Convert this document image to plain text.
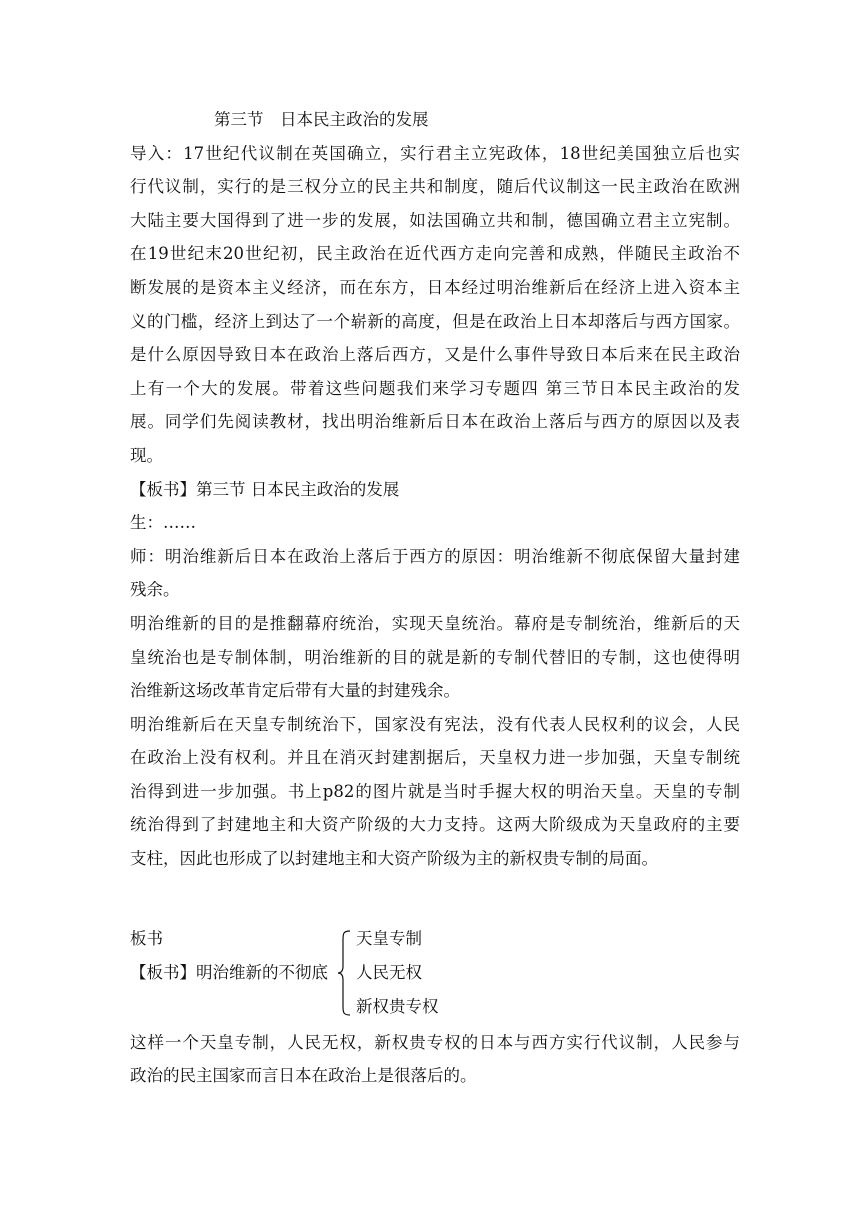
第三节　日本民主政治的发展
导入：17世纪代议制在英国确立，实行君主立宪政体，18世纪美国独立后也实
行代议制，实行的是三权分立的民主共和制度，随后代议制这一民主政治在欧洲
大陆主要大国得到了进一步的发展，如法国确立共和制，德国确立君主立宪制。
在19世纪末20世纪初，民主政治在近代西方走向完善和成熟，伴随民主政治不
断发展的是资本主义经济，而在东方，日本经过明治维新后在经济上进入资本主
义的门槛，经济上到达了一个崭新的高度，但是在政治上日本却落后与西方国家。
是什么原因导致日本在政治上落后西方，又是什么事件导致日本后来在民主政治
上有一个大的发展。带着这些问题我们来学习专题四 第三节日本民主政治的发
展。同学们先阅读教材，找出明治维新后日本在政治上落后与西方的原因以及表
现。
【板书】第三节 日本民主政治的发展
生：……
师：明治维新后日本在政治上落后于西方的原因：明治维新不彻底保留大量封建
残余。
明治维新的目的是推翻幕府统治，实现天皇统治。幕府是专制统治，维新后的天
皇统治也是专制体制，明治维新的目的就是新的专制代替旧的专制，这也使得明
治维新这场改革肯定后带有大量的封建残余。
明治维新后在天皇专制统治下，国家没有宪法，没有代表人民权利的议会，人民
在政治上没有权利。并且在消灭封建割据后，天皇权力进一步加强，天皇专制统
治得到进一步加强。书上p82的图片就是当时手握大权的明治天皇。天皇的专制
统治得到了封建地主和大资产阶级的大力支持。这两大阶级成为天皇政府的主要
支柱，因此也形成了以封建地主和大资产阶级为主的新权贵专制的局面。
板书
【板书】明治维新的不彻底
天皇专制
人民无权
新权贵专权
这样一个天皇专制，人民无权，新权贵专权的日本与西方实行代议制，人民参与
政治的民主国家而言日本在政治上是很落后的。
